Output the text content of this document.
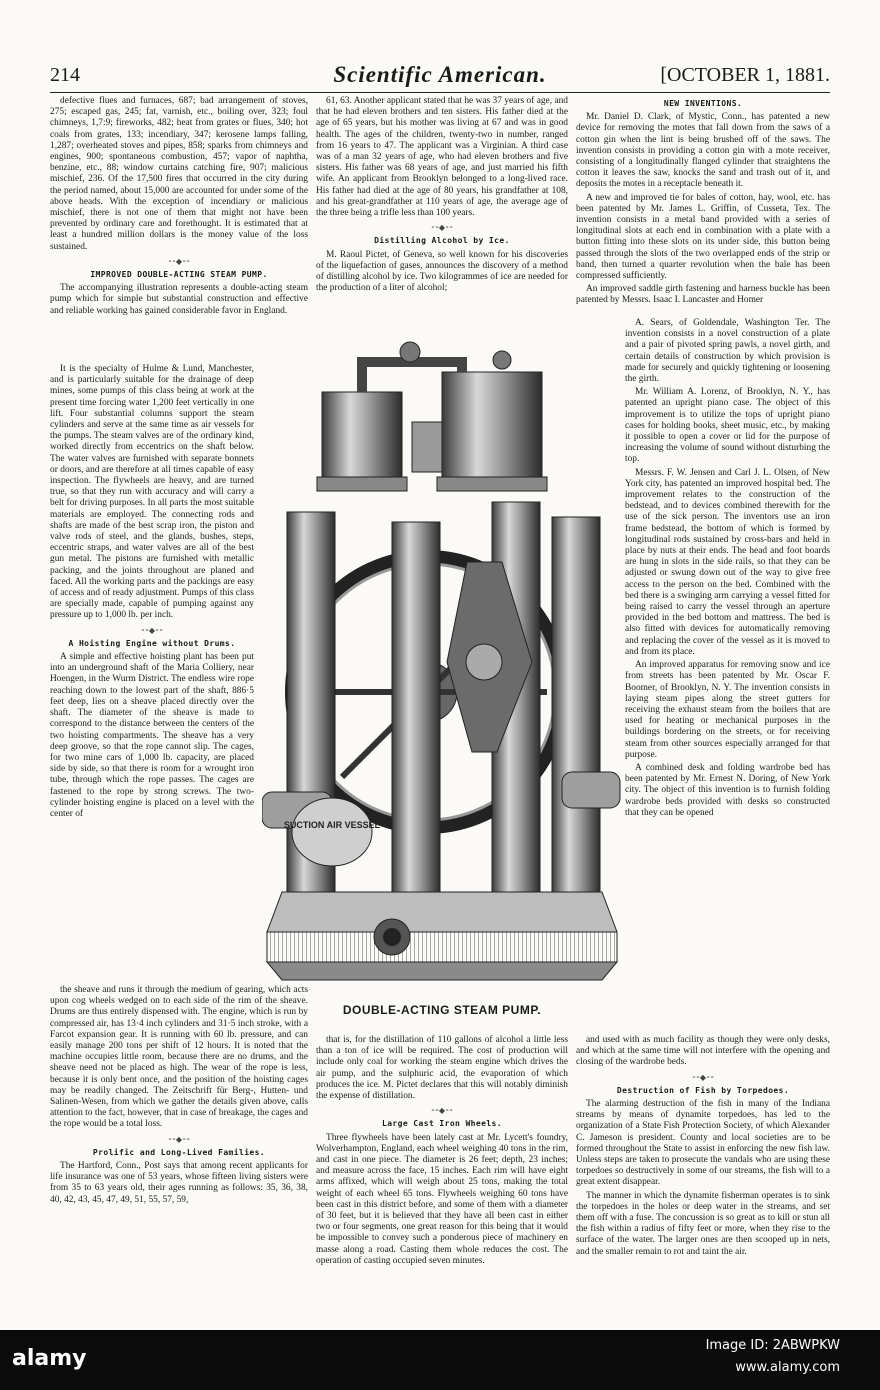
214	Scientific American.	[OCTOBER 1, 1881.

defective flues and furnaces, 687; bad arrangement of stoves, 275; escaped gas, 245; fat, varnish, etc., boiling over, 323; foul chimneys, 1,7:9; fireworks, 482; heat from grates or flues, 340; hot coals from grates, 133; incendiary, 347; kerosene lamps falling, 1,287; overheated stoves and pipes, 858; sparks from chimneys and engines, 900; spontaneous combustion, 457; vapor of naphtha, benzine, etc., 88; window curtains catching fire, 907; malicious mischief, 236. Of the 17,500 fires that occurred in the city during the period named, about 15,000 are accounted for under some of the above heads. With the exception of incendiary or malicious mischief, there is not one of them that might not have been prevented by ordinary care and forethought. It is estimated that at least a hundred million dollars is the money value of the loss sustained.

⁃⁃◆⁃⁃
IMPROVED DOUBLE-ACTING STEAM PUMP.

The accompanying illustration represents a double-acting steam pump which for simple but substantial construction and effective and reliable working has gained considerable favor in England.

It is the specialty of Hulme & Lund, Manchester, and is particularly suitable for the drainage of deep mines, some pumps of this class being at work at the present time forcing water 1,200 feet vertically in one lift. Four substantial columns support the steam cylinders and serve at the same time as air vessels for the pumps. The steam valves are of the ordinary kind, worked directly from eccentrics on the shaft below. The water valves are furnished with separate bonnets or doors, and are therefore at all times capable of easy inspection. The flywheels are heavy, and are turned true, so that they run with accuracy and will carry a belt for driving purposes. In all parts the most suitable materials are employed. The connecting rods and shafts are made of the best scrap iron, the piston and valve rods of steel, and the glands, bushes, steps, eccentric straps, and water valves are all of the best gun metal. The pistons are furnished with metallic packing, and the joints throughout are planed and faced. All the working parts and the packings are easy of access and of ready adjustment. Pumps of this class are specially made, capable of pumping against any pressure up to 1,000 lb. per inch.

⁃⁃◆⁃⁃
A Hoisting Engine without Drums.

A simple and effective hoisting plant has been put into an underground shaft of the Maria Colliery, near Hoengen, in the Wurm District. The endless wire rope reaching down to the lowest part of the shaft, 886·5 feet deep, lies on a sheave placed directly over the shaft. The diameter of the sheave is made to correspond to the distance between the centers of the two hoisting compartments. The sheave has a very deep groove, so that the rope cannot slip. The cages, for two mine cars of 1,000 lb. capacity, are placed side by side, so that there is room for a wrought iron tube, through which the rope passes. The cages are fastened to the rope by strong screws. The two-cylinder hoisting engine is placed on a level with the center of

61, 63. Another applicant stated that he was 37 years of age, and that he had eleven brothers and ten sisters. His father died at the age of 65 years, but his mother was living at 67 and was in good health. The ages of the children, twenty-two in number, ranged from 16 years to 47. The applicant was a Virginian. A third case was of a man 32 years of age, who had eleven brothers and five sisters. His father was 68 years of age, and just married his fifth wife. An applicant from Brooklyn belonged to a long-lived race. His father had died at the age of 80 years, his grandfather at 108, and his great-grandfather at 110 years of age, the average age of the three being a trifle less than 100 years.

⁃⁃◆⁃⁃
Distilling Alcohol by Ice.

M. Raoul Pictet, of Geneva, so well known for his discoveries of the liquefaction of gases, announces the discovery of a method of distilling alcohol by ice. Two kilogrammes of ice are needed for the production of a liter of alcohol;

NEW INVENTIONS.

Mr. Daniel D. Clark, of Mystic, Conn., has patented a new device for removing the motes that fall down from the saws of a cotton gin when the lint is being brushed off of the saws. The invention consists in providing a cotton gin with a mote receiver, consisting of a longitudinally flanged cylinder that straightens the cotton it leaves the saw, knocks the sand and trash out of it, and deposits the motes in a receptacle beneath it.

A new and improved tie for bales of cotton, hay, wool, etc. has been patented by Mr. James L. Griffin, of Cusseta, Tex. The invention consists in a metal band provided with a series of longitudinal slots at each end in combination with a plate with a button fitting into these slots on its under side, this button being passed through the slots of the two overlapped ends of the strip or band, then turned a quarter revolution when the bale has been compressed sufficiently.

An improved saddle girth fastening and harness buckle has been patented by Messrs. Isaac I. Lancaster and Homer

A. Sears, of Goldendale, Washington Ter. The invention consists in a novel construction of a plate and a pair of pivoted spring pawls, a novel girth, and certain details of construction by which provision is made for securely and quickly tightening or loosening the girth.

Mr. William A. Lorenz, of Brooklyn, N. Y., has patented an upright piano case. The object of this improvement is to utilize the tops of upright piano cases for holding books, sheet music, etc., by making it possible to open a cover or lid for the purpose of increasing the volume of sound without disturbing the top.

Messrs. F. W. Jensen and Carl J. L. Olsen, of New York city, has patented an improved hospital bed. The improvement relates to the construction of the bedstead, and to devices combined therewith for the use of the sick person. The inventors use an iron frame bedstead, the bottom of which is formed by longitudinal rods sustained by cross-bars and held in place by nuts at their ends. The head and foot boards are hung in slots in the side rails, so that they can be adjusted or swung down out of the way to give free access to the person on the bed. Combined with the bed there is a swinging arm carrying a vessel fitted for being raised to carry the vessel through an aperture provided in the bed bottom and mattress. The bed is also fitted with devices for automatically removing and replacing the cover of the vessel as it is moved to and from its place.

An improved apparatus for removing snow and ice from streets has been patented by Mr. Oscar F. Boomer, of Brooklyn, N. Y. The invention consists in laying steam pipes along the street gutters for receiving the exhaust steam from the boilers that are used for heating or mechanical purposes in the buildings bordering on the streets, or for receiving steam from other sources especially arranged for that purpose.

A combined desk and folding wardrobe bed has been patented by Mr. Ernest N. Doring, of New York city. The object of this invention is to furnish folding wardrobe beds provided with desks so constructed that they can be opened

SUCTION AIR VESSEL
DOUBLE-ACTING STEAM PUMP.

the sheave and runs it through the medium of gearing, which acts upon cog wheels wedged on to each side of the rim of the sheave. Drums are thus entirely dispensed with. The engine, which is run by compressed air, has 13·4 inch cylinders and 31·5 inch stroke, with a Farcot expansion gear. It is running with 60 lb. pressure, and can easily manage 200 tons per shift of 12 hours. It is noted that the machine occupies little room, because there are no drums, and the sheave need not be placed as high. The wear of the rope is less, because it is only bent once, and the position of the hoisting cages may be readily changed. The Zeitschrift für Berg-, Hutten- und Salinen-Wesen, from which we gather the details given above, calls attention to the fact, however, that in case of breakage, the cages and the rope would be a total loss.

⁃⁃◆⁃⁃
Prolific and Long-Lived Families.

The Hartford, Conn., Post says that among recent applicants for life insurance was one of 53 years, whose fifteen living sisters were from 35 to 63 years old, their ages running as follows: 35, 36, 38, 40, 42, 43, 45, 47, 49, 51, 55, 57, 59,

that is, for the distillation of 110 gallons of alcohol a little less than a ton of ice will be required. The cost of production will include only coal for working the steam engine which drives the air pump, and the sulphuric acid, the evaporation of which produces the ice. M. Pictet declares that this will notably diminish the expense of distillation.

⁃⁃◆⁃⁃
Large Cast Iron Wheels.

Three flywheels have been lately cast at Mr. Lycett's foundry, Wolverhampton, England, each wheel weighing 40 tons in the rim, and cast in one piece. The diameter is 26 feet; depth, 23 inches; and measure across the face, 15 inches. Each rim will have eight arms affixed, which will weigh about 25 tons, making the total weight of each wheel 65 tons. Flywheels weighing 60 tons have been cast in this district before, and some of them with a diameter of 30 feet, but it is believed that they have all been cast in either two or four segments, one great reason for this being that it would be impossible to convey such a ponderous piece of machinery en masse along a road. Casting them whole reduces the cost. The operation of casting occupied seven minutes.

and used with as much facility as though they were only desks, and which at the same time will not interfere with the opening and closing of the wardrobe beds.

⁃⁃◆⁃⁃
Destruction of Fish by Torpedoes.

The alarming destruction of the fish in many of the Indiana streams by means of dynamite torpedoes, has led to the organization of a State Fish Protection Society, of which Alexander C. Jameson is president. County and local societies are to be formed throughout the State to assist in enforcing the new fish law. Unless steps are taken to prosecute the vandals who are using these torpedoes so destructively in some of our streams, the fish will to a great extent disappear.

The manner in which the dynamite fisherman operates is to sink the torpedoes in the holes or deep water in the streams, and set them off with a fuse. The concussion is so great as to kill or stun all the fish within a radius of fifty feet or more, when they rise to the surface of the water. The larger ones are then scooped up in nets, and the smaller remain to rot and taint the air.

alamy
Image ID: 2ABWPKW
www.alamy.com
